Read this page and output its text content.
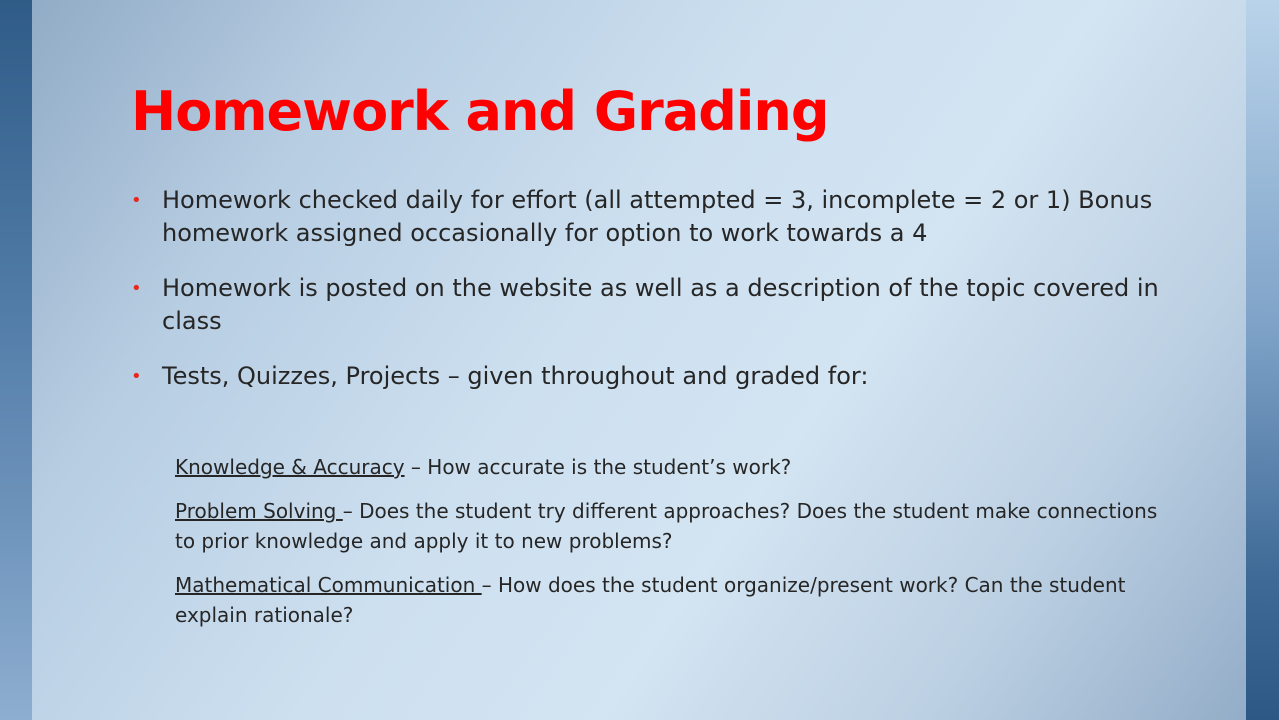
Homework and Grading
• Homework checked daily for effort (all attempted = 3, incomplete = 2 or 1) Bonus homework assigned occasionally for option to work towards a 4
• Homework is posted on the website as well as a description of the topic covered in class
• Tests, Quizzes, Projects – given throughout and graded for:

Knowledge & Accuracy – How accurate is the student’s work?

Problem Solving – Does the student try different approaches? Does the student make connections to prior knowledge and apply it to new problems?

Mathematical Communication – How does the student organize/present work? Can the student explain rationale?
